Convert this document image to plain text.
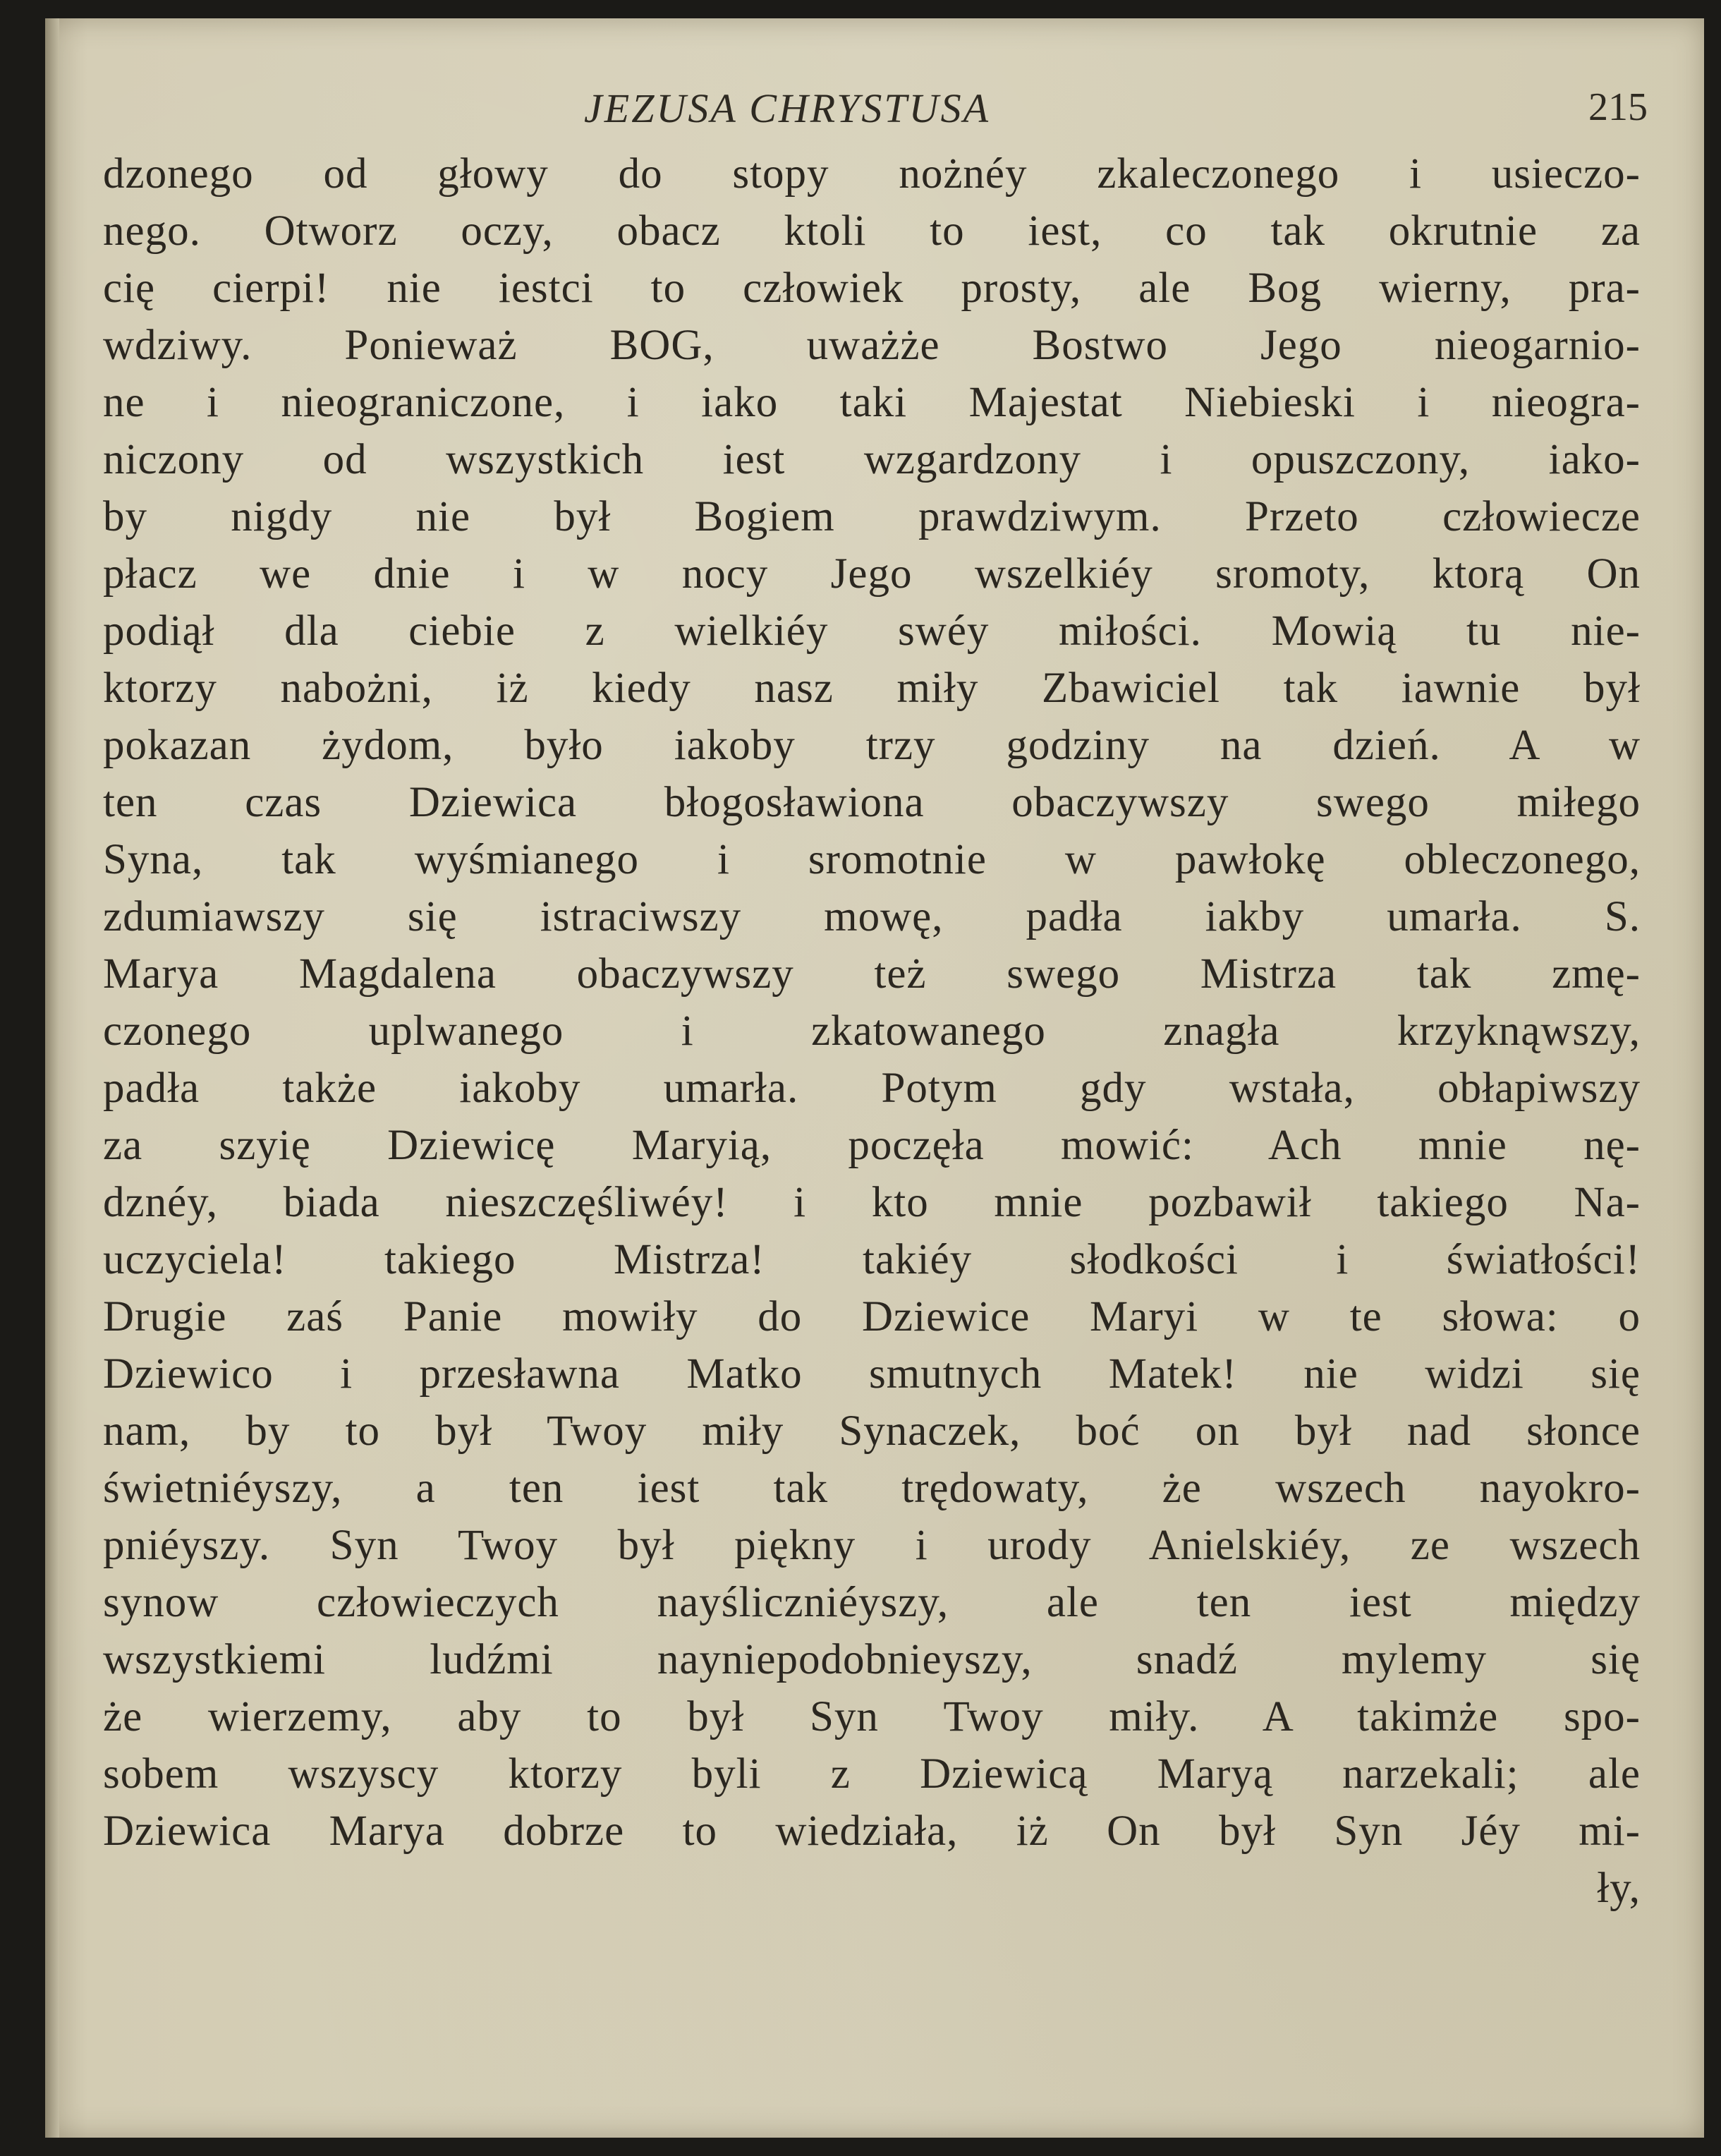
JEZUSA CHRYSTUSA	215
dzonego od głowy do stopy nożnéy zkaleczonego i usieczo-
nego. Otworz oczy, obacz ktoli to iest, co tak okrutnie za
cię cierpi! nie iestci to człowiek prosty, ale Bog wierny, pra-
wdziwy. Ponieważ BOG, uważże Bostwo Jego nieogarnio-
ne i nieograniczone, i iako taki Majestat Niebieski i nieogra-
niczony od wszystkich iest wzgardzony i opuszczony, iako-
by nigdy nie był Bogiem prawdziwym. Przeto człowiecze
płacz we dnie i w nocy Jego wszelkiéy sromoty, ktorą On
podiął dla ciebie z wielkiéy swéy miłości. Mowią tu nie-
ktorzy nabożni, iż kiedy nasz miły Zbawiciel tak iawnie był
pokazan żydom, było iakoby trzy godziny na dzień. A w
ten czas Dziewica błogosławiona obaczywszy swego miłego
Syna, tak wyśmianego i sromotnie w pawłokę obleczonego,
zdumiawszy się istraciwszy mowę, padła iakby umarła. S.
Marya Magdalena obaczywszy też swego Mistrza tak zmę-
czonego uplwanego i zkatowanego znagła krzyknąwszy,
padła także iakoby umarła. Potym gdy wstała, obłapiwszy
za szyię Dziewicę Maryią, poczęła mowić: Ach mnie nę-
dznéy, biada nieszczęśliwéy! i kto mnie pozbawił takiego Na-
uczyciela! takiego Mistrza! takiéy słodkości i światłości!
Drugie zaś Panie mowiły do Dziewice Maryi w te słowa: o
Dziewico i przesławna Matko smutnych Matek! nie widzi się
nam, by to był Twoy miły Synaczek, boć on był nad słonce
świetniéyszy, a ten iest tak trędowaty, że wszech nayokro-
pniéyszy. Syn Twoy był piękny i urody Anielskiéy, ze wszech
synow człowieczych nayśliczniéyszy, ale ten iest między
wszystkiemi ludźmi nayniepodobnieyszy, snadź mylemy się
że wierzemy, aby to był Syn Twoy miły. A takimże spo-
sobem wszyscy ktorzy byli z Dziewicą Maryą narzekali; ale
Dziewica Marya dobrze to wiedziała, iż On był Syn Jéy mi-
ły,
